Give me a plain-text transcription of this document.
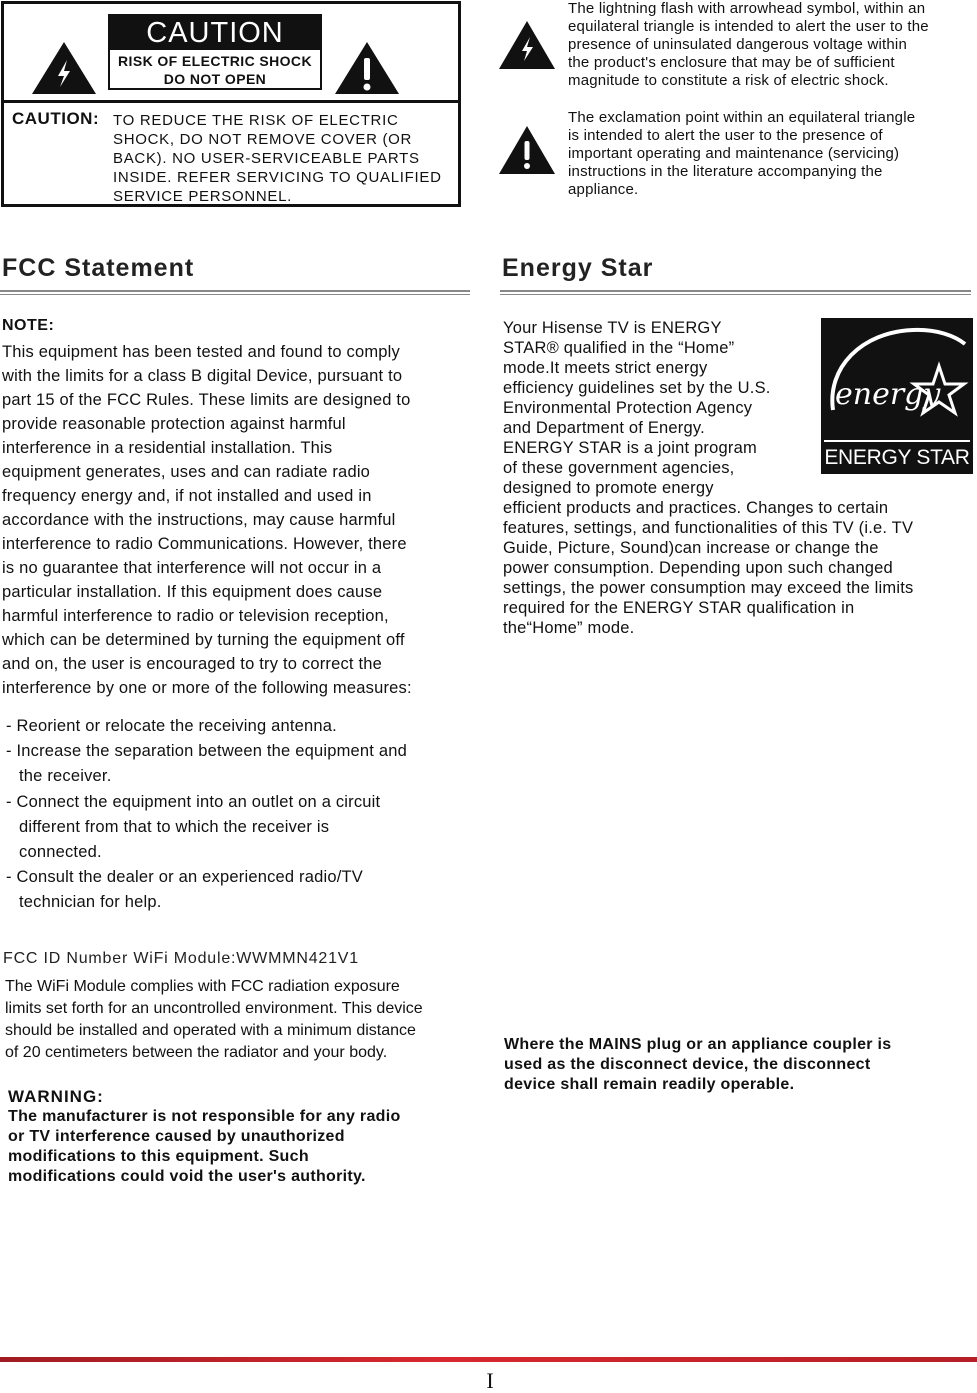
CAUTION
RISK OF ELECTRIC SHOCK
DO NOT OPEN
CAUTION: TO REDUCE THE RISK OF ELECTRIC
SHOCK, DO NOT REMOVE COVER (OR
BACK). NO USER-SERVICEABLE PARTS
INSIDE. REFER SERVICING TO QUALIFIED
SERVICE PERSONNEL.
The lightning flash with arrowhead symbol, within an
equilateral triangle is intended to alert the user to the
presence of uninsulated dangerous voltage within
the product's enclosure that may be of sufficient
magnitude to constitute a risk of electric shock.
The exclamation point within an equilateral triangle
is intended to alert the user to the presence of
important operating and maintenance (servicing)
instructions in the literature accompanying the
appliance.
FCC Statement	Energy Star
NOTE:
This equipment has been tested and found to comply
with the limits for a class B digital Device, pursuant to
part 15 of the FCC Rules. These limits are designed to
provide reasonable protection against harmful
interference in a residential installation. This
equipment generates, uses and can radiate radio
frequency energy and, if not installed and used in
accordance with the instructions, may cause harmful
interference to radio Communications. However, there
is no guarantee that interference will not occur in a
particular installation. If this equipment does cause
harmful interference to radio or television reception,
which can be determined by turning the equipment off
and on, the user is encouraged to try to correct the
interference by one or more of the following measures:
- Reorient or relocate the receiving antenna.
- Increase the separation between the equipment and
the receiver.
- Connect the equipment into an outlet on a circuit
different from that to which the receiver is
connected.
- Consult the dealer or an experienced radio/TV
technician for help.
FCC ID Number WiFi Module:WWMMN421V1
The WiFi Module complies with FCC radiation exposure
limits set forth for an uncontrolled environment. This device
should be installed and operated with a minimum distance
of 20 centimeters between the radiator and your body.
WARNING:
The manufacturer is not responsible for any radio
or TV interference caused by unauthorized
modifications to this equipment. Such
modifications could void the user's authority.
Your Hisense TV is ENERGY
STAR® qualified in the “Home”
mode.It meets strict energy
efficiency guidelines set by the U.S.
Environmental Protection Agency
and Department of Energy.
ENERGY STAR is a joint program
of these government agencies,
designed to promote energy
efficient products and practices. Changes to certain
features, settings, and functionalities of this TV (i.e. TV
Guide, Picture, Sound)can increase or change the
power consumption. Depending upon such changed
settings, the power consumption may exceed the limits
required for the ENERGY STAR qualification in
the“Home” mode.
energy
ENERGY STAR
Where the MAINS plug or an appliance coupler is
used as the disconnect device, the disconnect
device shall remain readily operable.
I
